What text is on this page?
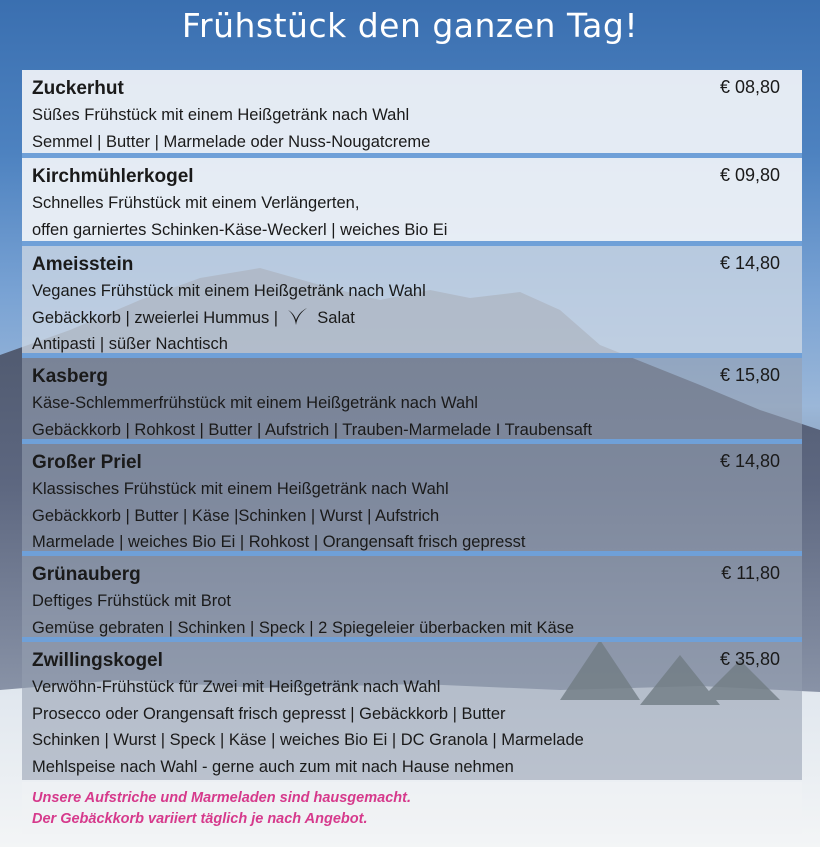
Frühstück den ganzen Tag!
Zuckerhut	€ 08,80
Süßes Frühstück mit einem Heißgetränk nach Wahl
Semmel | Butter | Marmelade oder Nuss-Nougatcreme
Kirchmühlerkogel	€ 09,80
Schnelles Frühstück mit einem Verlängerten,
offen garniertes Schinken-Käse-Weckerl | weiches Bio Ei
Ameisstein	€ 14,80
Veganes Frühstück mit einem Heißgetränk nach Wahl
Gebäckkorb | zweierlei Hummus | Salat
Antipasti | süßer Nachtisch
Kasberg	€ 15,80
Käse-Schlemmerfrühstück mit einem Heißgetränk nach Wahl
Gebäckkorb | Rohkost | Butter | Aufstrich | Trauben-Marmelade I Traubensaft
Großer Priel	€ 14,80
Klassisches Frühstück mit einem Heißgetränk nach Wahl
Gebäckkorb | Butter | Käse |Schinken | Wurst | Aufstrich
Marmelade | weiches Bio Ei | Rohkost | Orangensaft frisch gepresst
Grünauberg	€ 11,80
Deftiges Frühstück mit Brot
Gemüse gebraten | Schinken | Speck | 2 Spiegeleier überbacken mit Käse
Zwillingskogel	€ 35,80
Verwöhn-Frühstück für Zwei mit Heißgetränk nach Wahl
Prosecco oder Orangensaft frisch gepresst | Gebäckkorb | Butter
Schinken | Wurst | Speck | Käse | weiches Bio Ei | DC Granola | Marmelade
Mehlspeise nach Wahl - gerne auch zum mit nach Hause nehmen
Unsere Aufstriche und Marmeladen sind hausgemacht.
Der Gebäckkorb variiert täglich je nach Angebot.
